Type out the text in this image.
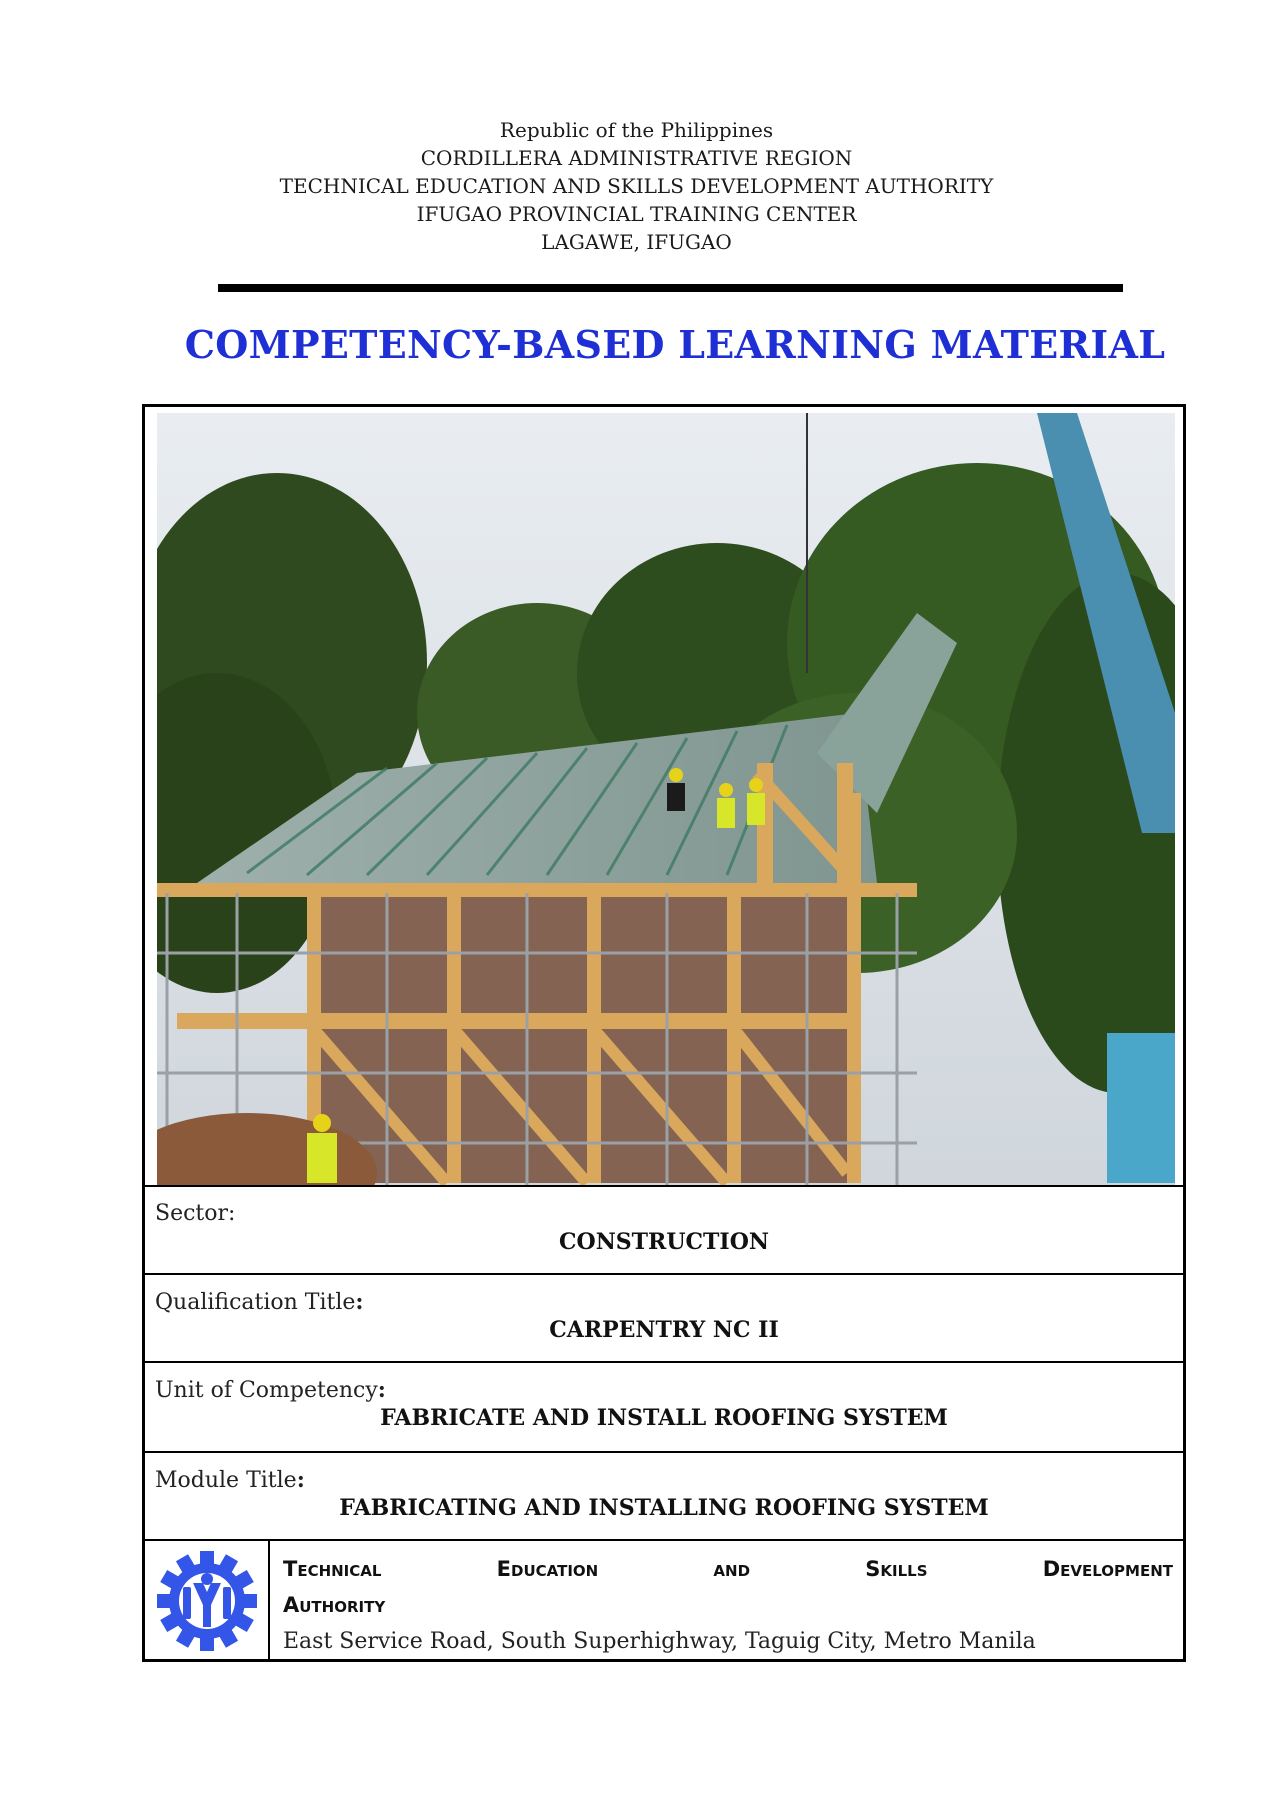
Republic of the Philippines
CORDILLERA ADMINISTRATIVE REGION
TECHNICAL EDUCATION AND SKILLS DEVELOPMENT AUTHORITY
IFUGAO PROVINCIAL TRAINING CENTER
LAGAWE, IFUGAO
COMPETENCY-BASED LEARNING MATERIAL
Sector:
CONSTRUCTION
Qualification Title:
CARPENTRY NC II
Unit of Competency:
FABRICATE AND INSTALL ROOFING SYSTEM
Module Title:
FABRICATING AND INSTALLING ROOFING SYSTEM
Technical Education and Skills Development
Authority
East Service Road, South Superhighway, Taguig City, Metro Manila
